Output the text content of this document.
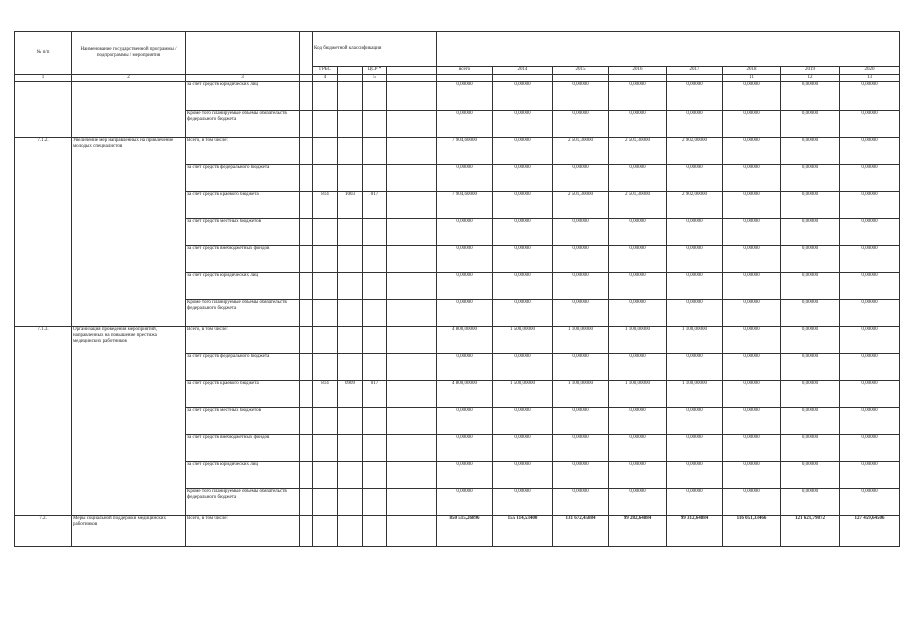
№ п/п	Наименование государственной программы / подпрограммы / мероприятия			Код бюджетной классификации											
				ГРБС		ЦСР *		всего	2014	2015	2016	2017	2018	2019	2020
1	2	3		4		5							11	12	13
		за счет средств юридических лиц						0,00000	0,00000	0,00000	0,00000	0,00000	0,00000	0,00000	0,00000
		Кроме того планируемые объемы обязательств федерального бюджета						0,00000	0,00000	0,00000	0,00000	0,00000	0,00000	0,00000	0,00000
7.1.2.	Увеличение мер направленных на привлечение молодых специалистов	Всего, в том числе:						7 904,60000	0,00000	2 501,30000	2 501,30000	2 902,00000	0,00000	0,00000	0,00000
		за счет средств федерального бюджета						0,00000	0,00000	0,00000	0,00000	0,00000	0,00000	0,00000	0,00000
		за счет средств краевого бюджета		814	1003	017		7 904,60000	0,00000	2 501,30000	2 501,30000	2 902,00000	0,00000	0,00000	0,00000
		за счет средств местных бюджетов						0,00000	0,00000	0,00000	0,00000	0,00000	0,00000	0,00000	0,00000
		за счет средств внебюджетных фондов						0,00000	0,00000	0,00000	0,00000	0,00000	0,00000	0,00000	0,00000
		за счет средств юридических лиц						0,00000	0,00000	0,00000	0,00000	0,00000	0,00000	0,00000	0,00000
		Кроме того планируемые объемы обязательств федерального бюджета						0,00000	0,00000	0,00000	0,00000	0,00000	0,00000	0,00000	0,00000
7.1.3.	Организация проведения мероприятий, направленных на повышение престижа медицинских работников	Всего, в том числе:						4 800,00000	1 500,00000	1 100,00000	1 100,00000	1 100,00000	0,00000	0,00000	0,00000
		за счет средств федерального бюджета						0,00000	0,00000	0,00000	0,00000	0,00000	0,00000	0,00000	0,00000
		за счет средств краевого бюджета		814	0909	017		4 800,00000	1 500,00000	1 100,00000	1 100,00000	1 100,00000	0,00000	0,00000	0,00000
		за счет средств местных бюджетов						0,00000	0,00000	0,00000	0,00000	0,00000	0,00000	0,00000	0,00000
		за счет средств внебюджетных фондов						0,00000	0,00000	0,00000	0,00000	0,00000	0,00000	0,00000	0,00000
		за счет средств юридических лиц						0,00000	0,00000	0,00000	0,00000	0,00000	0,00000	0,00000	0,00000
		Кроме того планируемые объемы обязательств федерального бюджета						0,00000	0,00000	0,00000	0,00000	0,00000	0,00000	0,00000	0,00000
7.2.	Меры социальной поддержки медицинских работников	Всего, в том числе:						850 515,26896	155 114,53400	131 672,45884	99 282,64884	99 312,64884	116 051,33466	121 621,79872	127 459,64506
